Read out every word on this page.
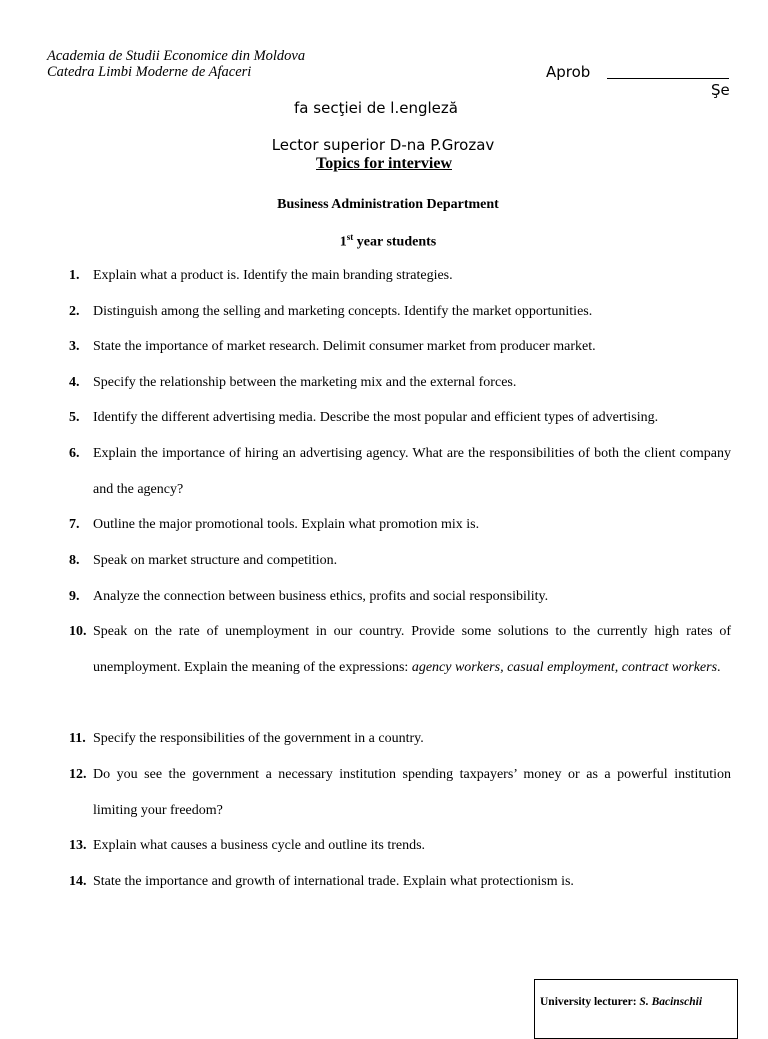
Academia de Studii Economice din Moldova
Catedra Limbi Moderne de Afaceri	Aprob
Şe
fa secţiei de l.engleză
Lector superior D-na P.Grozav
Topics for interview
Business Administration Department
1st year students
1. Explain what a product is. Identify the main branding strategies.
2. Distinguish among the selling and marketing concepts. Identify the market opportunities.
3. State the importance of market research. Delimit consumer market from producer market.
4. Specify the relationship between the marketing mix and the external forces.
5. Identify the different advertising media. Describe the most popular and efficient types of advertising.
6. Explain the importance of hiring an advertising agency. What are the responsibilities of both the client company and the agency?
7. Outline the major promotional tools. Explain what promotion mix is.
8. Speak on market structure and competition.
9. Analyze the connection between business ethics, profits and social responsibility.
10. Speak on the rate of unemployment in our country. Provide some solutions to the currently high rates of unemployment. Explain the meaning of the expressions: agency workers, casual employment, contract workers.
11. Specify the responsibilities of the government in a country.
12. Do you see the government a necessary institution spending taxpayers’ money or as a powerful institution limiting your freedom?
13. Explain what causes a business cycle and outline its trends.
14. State the importance and growth of international trade. Explain what protectionism is.
University lecturer: S. Bacinschii
